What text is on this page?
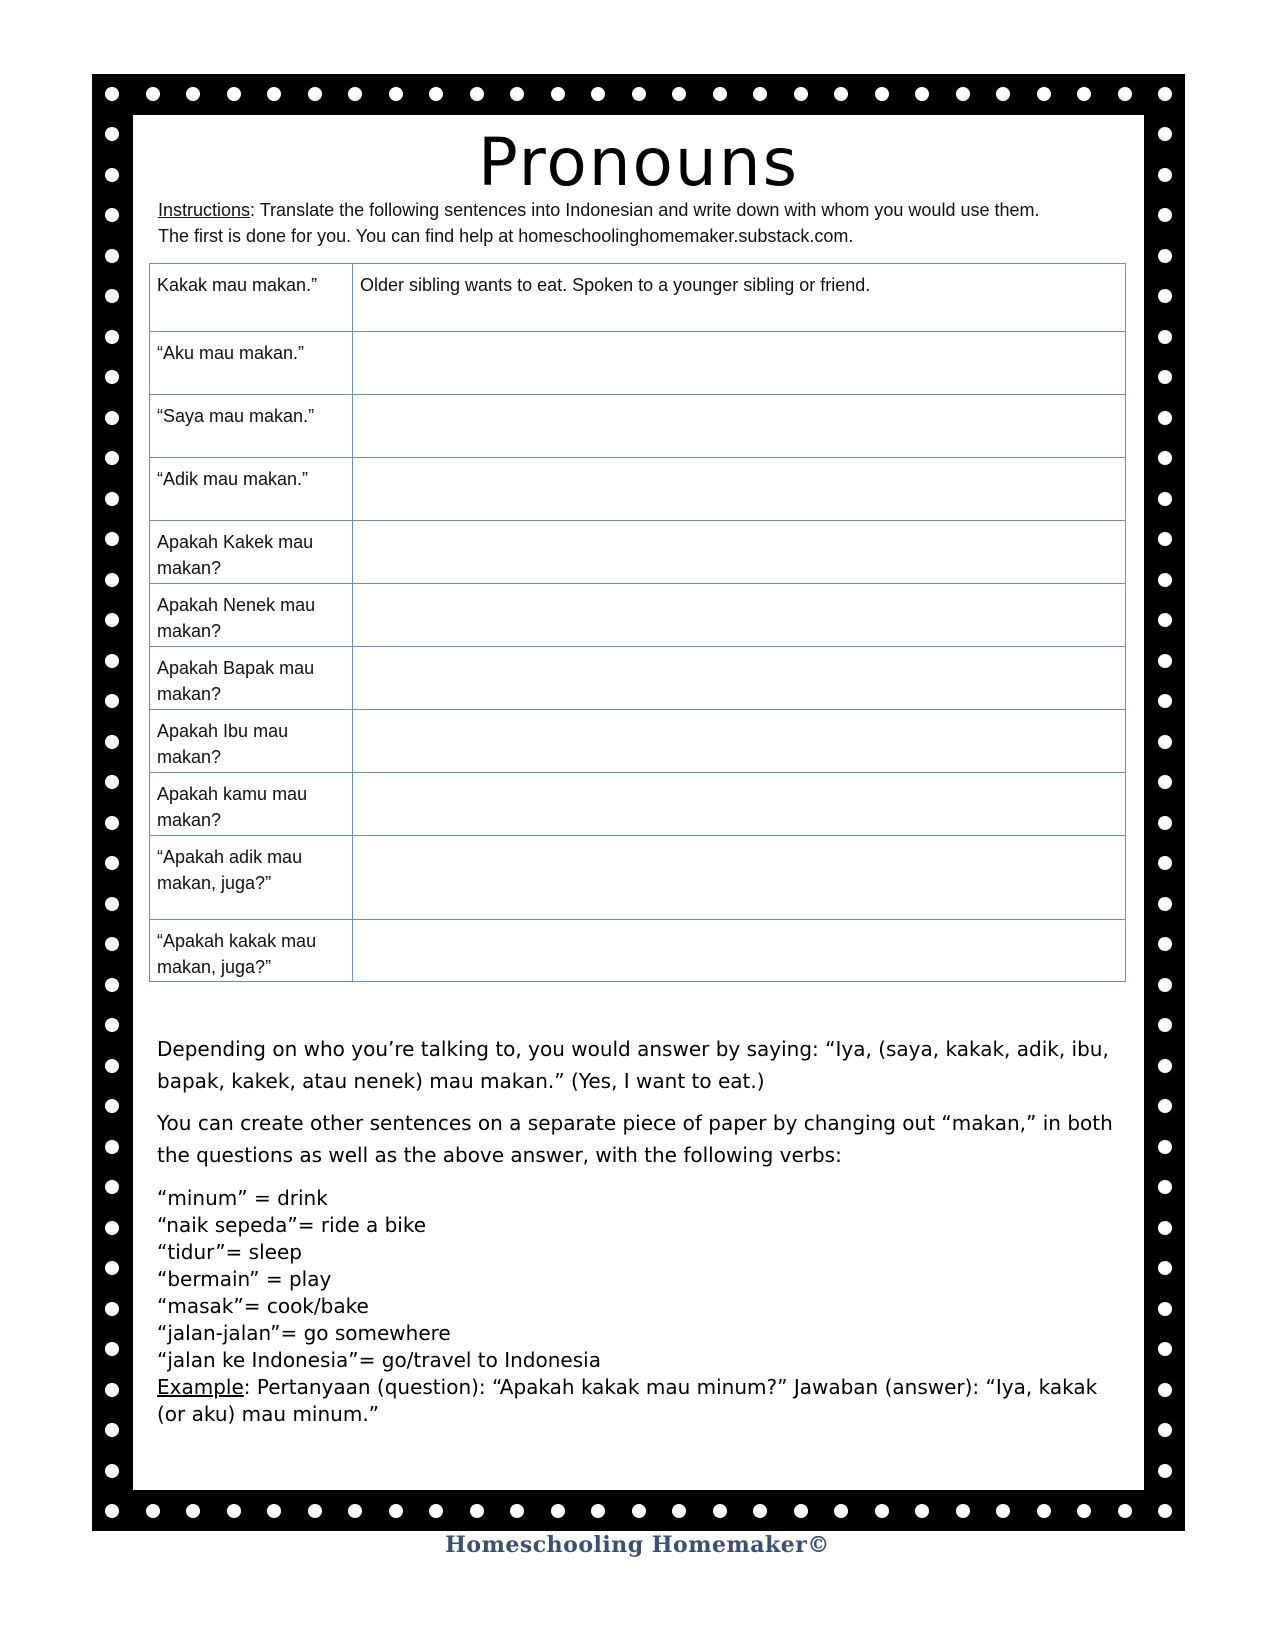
Pronouns

Instructions: Translate the following sentences into Indonesian and write down with whom you would use them.
The first is done for you. You can find help at homeschoolinghomemaker.substack.com.

Kakak mau makan.”	Older sibling wants to eat. Spoken to a younger sibling or friend.
“Aku mau makan.”	
“Saya mau makan.”	
“Adik mau makan.”	
Apakah Kakek mau makan?	
Apakah Nenek mau makan?	
Apakah Bapak mau makan?	
Apakah Ibu mau makan?	
Apakah kamu mau makan?	
“Apakah adik mau makan, juga?”	
“Apakah kakak mau makan, juga?”	

Depending on who you’re talking to, you would answer by saying: “Iya, (saya, kakak, adik, ibu, bapak, kakek, atau nenek) mau makan.” (Yes, I want to eat.)

You can create other sentences on a separate piece of paper by changing out “makan,” in both the questions as well as the above answer, with the following verbs:

“minum” = drink
“naik sepeda”= ride a bike
“tidur”= sleep
“bermain” = play
“masak”= cook/bake
“jalan-jalan”= go somewhere
“jalan ke Indonesia”= go/travel to Indonesia

Example: Pertanyaan (question): “Apakah kakak mau minum?” Jawaban (answer): “Iya, kakak (or aku) mau minum.”

Homeschooling Homemaker©
